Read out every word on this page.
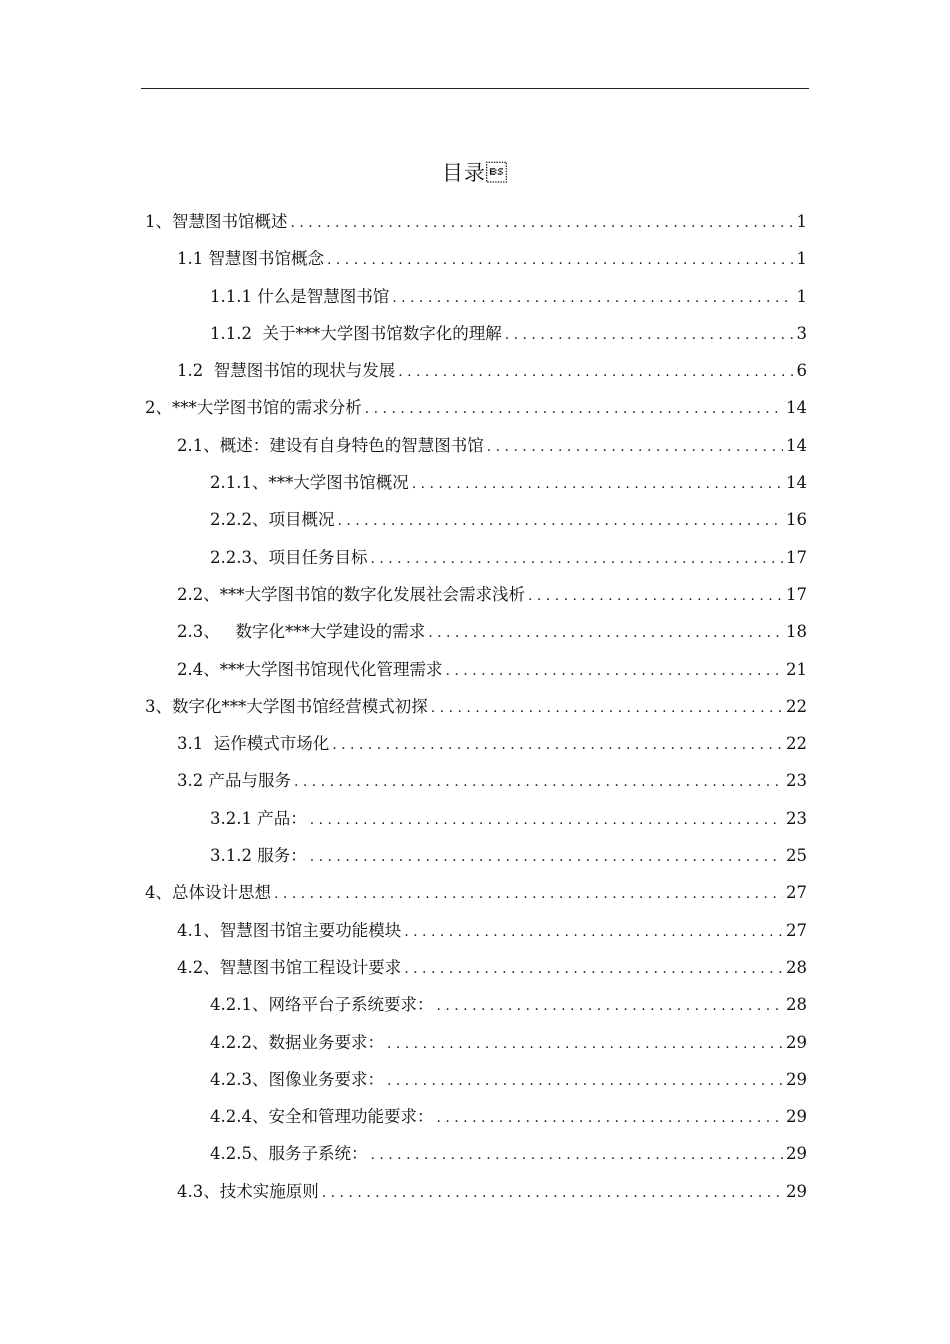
目录
1、智慧图书馆概述 . . .	1
1.1 智慧图书馆概念 . . .	1
1.1.1 什么是智慧图书馆 . . .	1
1.1.2  关于***大学图书馆数字化的理解 . . .	3
1.2  智慧图书馆的现状与发展 . . .	6
2、***大学图书馆的需求分析 . . .	14
2.1、概述：建设有自身特色的智慧图书馆 . . .	14
2.1.1、***大学图书馆概况 . . .	14
2.2.2、项目概况 . . .	16
2.2.3、项目任务目标 . . .	17
2.2、***大学图书馆的数字化发展社会需求浅析 . . .	17
2.3、   数字化***大学建设的需求 . . .	18
2.4、***大学图书馆现代化管理需求 . . .	21
3、数字化***大学图书馆经营模式初探 . . .	22
3.1  运作模式市场化 . . .	22
3.2 产品与服务 . . .	23
3.2.1 产品： . . .	23
3.1.2 服务： . . .	25
4、总体设计思想 . . .	27
4.1、智慧图书馆主要功能模块 . . .	27
4.2、智慧图书馆工程设计要求 . . .	28
4.2.1、网络平台子系统要求： . . .	28
4.2.2、数据业务要求： . . .	29
4.2.3、图像业务要求： . . .	29
4.2.4、安全和管理功能要求： . . .	29
4.2.5、服务子系统： . . .	29
4.3、技术实施原则 . . .	29
